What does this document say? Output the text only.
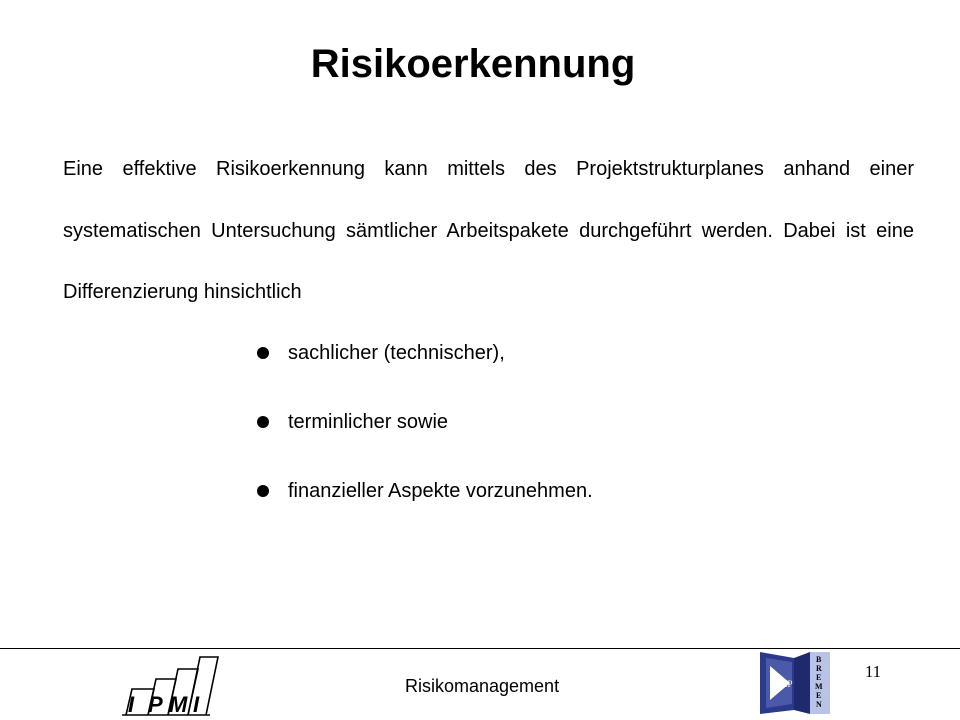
Risikoerkennung
Eine effektive Risikoerkennung kann mittels des Projektstrukturplanes anhand einer systematischen Untersuchung sämtlicher Arbeitspakete durchgeführt werden. Dabei ist eine Differenzierung hinsichtlich
sachlicher (technischer),
terminlicher sowie
finanzieller Aspekte vorzunehmen.
I P M I
Risikomanagement	WIP
B
R
E
M
E
N
11
